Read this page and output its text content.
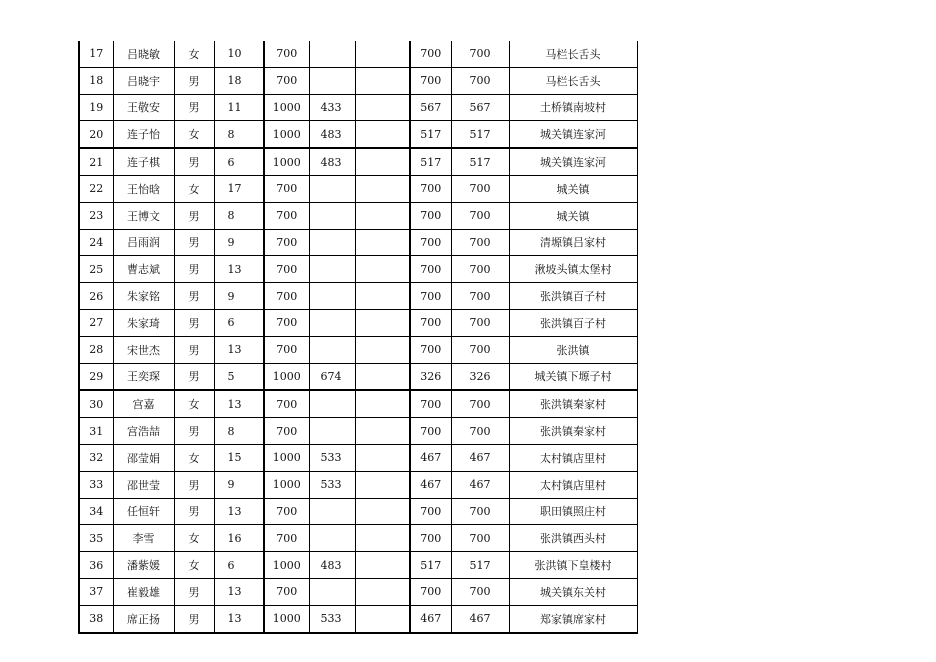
17	吕晓敏	女	10	700			700	700	马栏长舌头
18	吕晓宇	男	18	700			700	700	马栏长舌头
19	王敬安	男	11	1000	433		567	567	土桥镇南坡村
20	连子怡	女	8	1000	483		517	517	城关镇连家河
21	连子棋	男	6	1000	483		517	517	城关镇连家河
22	王怡晗	女	17	700			700	700	城关镇
23	王博文	男	8	700			700	700	城关镇
24	吕雨润	男	9	700			700	700	清塬镇吕家村
25	曹志斌	男	13	700			700	700	湫坡头镇太堡村
26	朱家铭	男	9	700			700	700	张洪镇百子村
27	朱家琦	男	6	700			700	700	张洪镇百子村
28	宋世杰	男	13	700			700	700	张洪镇
29	王奕琛	男	5	1000	674		326	326	城关镇下塬子村
30	宫嘉	女	13	700			700	700	张洪镇秦家村
31	宫浩喆	男	8	700			700	700	张洪镇秦家村
32	邵莹娟	女	15	1000	533		467	467	太村镇店里村
33	邵世莹	男	9	1000	533		467	467	太村镇店里村
34	任恒轩	男	13	700			700	700	职田镇照庄村
35	李雪	女	16	700			700	700	张洪镇西头村
36	潘紫媛	女	6	1000	483		517	517	张洪镇下皇楼村
37	崔毅雄	男	13	700			700	700	城关镇东关村
38	席正扬	男	13	1000	533		467	467	郑家镇席家村
